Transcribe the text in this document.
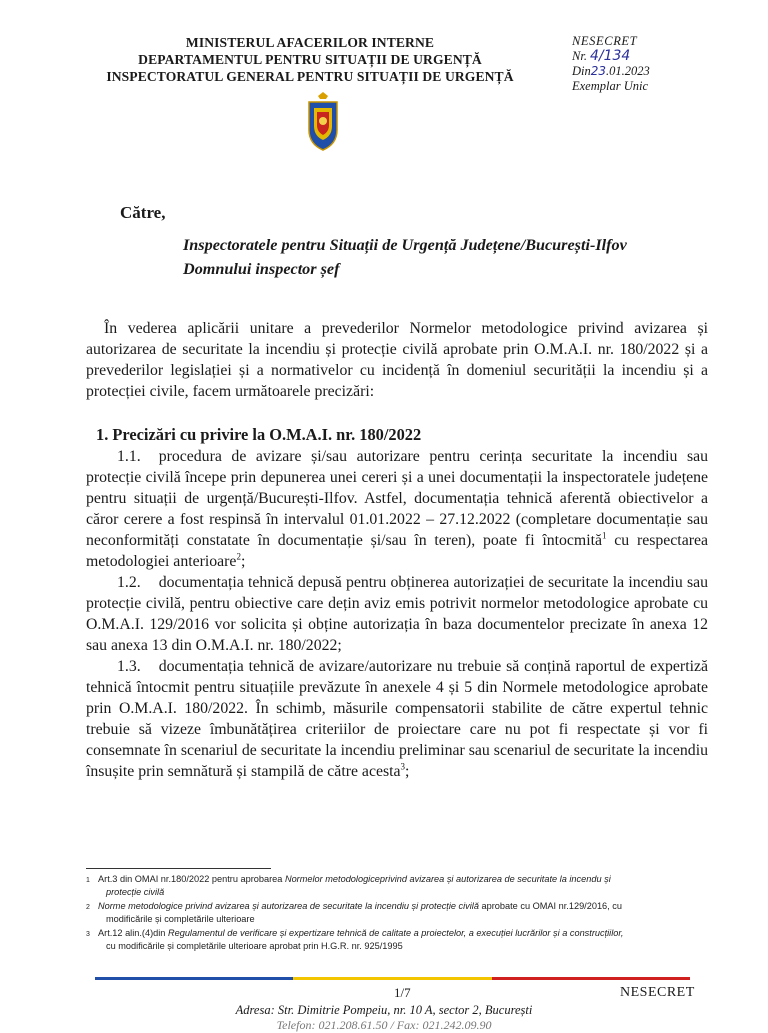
MINISTERUL AFACERILOR INTERNE
DEPARTAMENTUL PENTRU SITUAȚII DE URGENȚĂ
INSPECTORATUL GENERAL PENTRU SITUAȚII DE URGENȚĂ
NESECRET
Nr. 4/134
Din23.01.2023
Exemplar Unic
Către,
Inspectoratele pentru Situații de Urgență Județene/București-Ilfov
Domnului inspector șef

În vederea aplicării unitare a prevederilor Normelor metodologice privind avizarea și autorizarea de securitate la incendiu și protecție civilă aprobate prin O.M.A.I. nr. 180/2022 și a prevederilor legislației și a normativelor cu incidență în domeniul securității la incendiu și a protecției civile, facem următoarele precizări:

1. Precizări cu privire la O.M.A.I. nr. 180/2022

1.1. procedura de avizare și/sau autorizare pentru cerința securitate la incendiu sau protecție civilă începe prin depunerea unei cereri și a unei documentații la inspectoratele județene pentru situații de urgență/București-Ilfov. Astfel, documentația tehnică aferentă obiectivelor a căror cerere a fost respinsă în intervalul 01.01.2022 – 27.12.2022 (completare documentație sau neconformități constatate în documentație și/sau în teren), poate fi întocmită$^1$ cu respectarea metodologiei anterioare$^2$;

1.2. documentația tehnică depusă pentru obținerea autorizației de securitate la incendiu sau protecție civilă, pentru obiective care dețin aviz emis potrivit normelor metodologice aprobate cu O.M.A.I. 129/2016 vor solicita și obține autorizația în baza documentelor precizate în anexa 12 sau anexa 13 din O.M.A.I. nr. 180/2022;

1.3. documentația tehnică de avizare/autorizare nu trebuie să conțină raportul de expertiză tehnică întocmit pentru situațiile prevăzute în anexele 4 și 5 din Normele metodologice aprobate prin O.M.A.I. 180/2022. În schimb, măsurile compensatorii stabilite de către expertul tehnic trebuie să vizeze îmbunătățirea criteriilor de proiectare care nu pot fi respectate și vor fi consemnate în scenariul de securitate la incendiu preliminar sau scenariul de securitate la incendiu însușite prin semnătură și stampilă de către acesta$^3$;

1 Art.3 din OMAI nr.180/2022 pentru aprobarea Normelor metodologiceprivind avizarea și autorizarea de securitate la incendu și
protecție civilă
2 Norme metodologice privind avizarea și autorizarea de securitate la incendiu și protecție civilă aprobate cu OMAI nr.129/2016, cu
modificările și completările ulterioare
3 Art.12 alin.(4)din Regulamentul de verificare și expertizare tehnică de calitate a proiectelor, a execuției lucrărilor și a construcțiilor,
cu modificările și completările ulterioare aprobat prin H.G.R. nr. 925/1995
1/7	NESECRET
Adresa: Str. Dimitrie Pompeiu, nr. 10 A, sector 2, București
Telefon: 021.208.61.50 / Fax: 021.242.09.90
